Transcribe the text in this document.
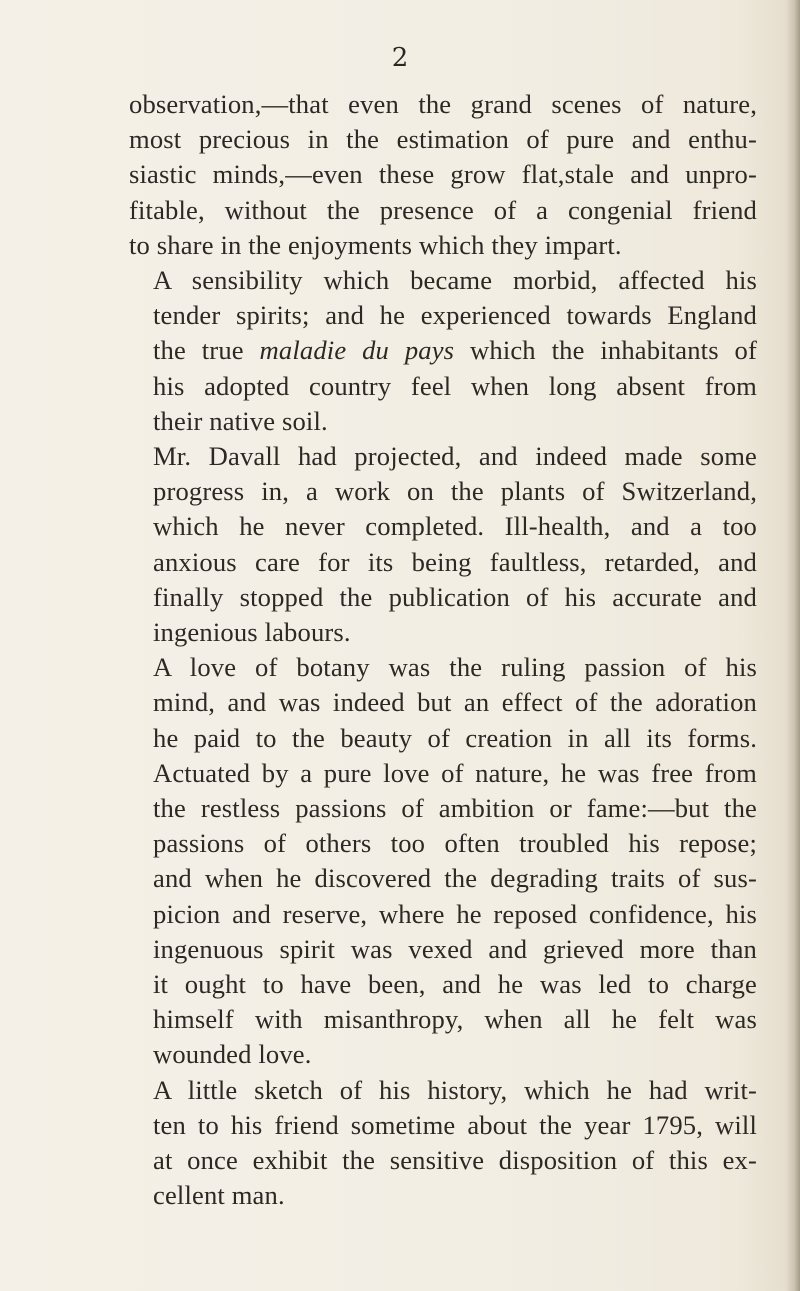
2

observation,—that even the grand scenes of nature,
most precious in the estimation of pure and enthu-
siastic minds,—even these grow flat,stale and unpro-
fitable, without the presence of a congenial friend
to share in the enjoyments which they impart.

A sensibility which became morbid, affected his
tender spirits; and he experienced towards England
the true maladie du pays which the inhabitants of
his adopted country feel when long absent from
their native soil.

Mr. Davall had projected, and indeed made some
progress in, a work on the plants of Switzerland,
which he never completed. Ill-health, and a too
anxious care for its being faultless, retarded, and
finally stopped the publication of his accurate and
ingenious labours.

A love of botany was the ruling passion of his
mind, and was indeed but an effect of the adoration
he paid to the beauty of creation in all its forms.
Actuated by a pure love of nature, he was free from
the restless passions of ambition or fame:—but the
passions of others too often troubled his repose;
and when he discovered the degrading traits of sus-
picion and reserve, where he reposed confidence, his
ingenuous spirit was vexed and grieved more than
it ought to have been, and he was led to charge
himself with misanthropy, when all he felt was
wounded love.

A little sketch of his history, which he had writ-
ten to his friend sometime about the year 1795, will
at once exhibit the sensitive disposition of this ex-
cellent man.
